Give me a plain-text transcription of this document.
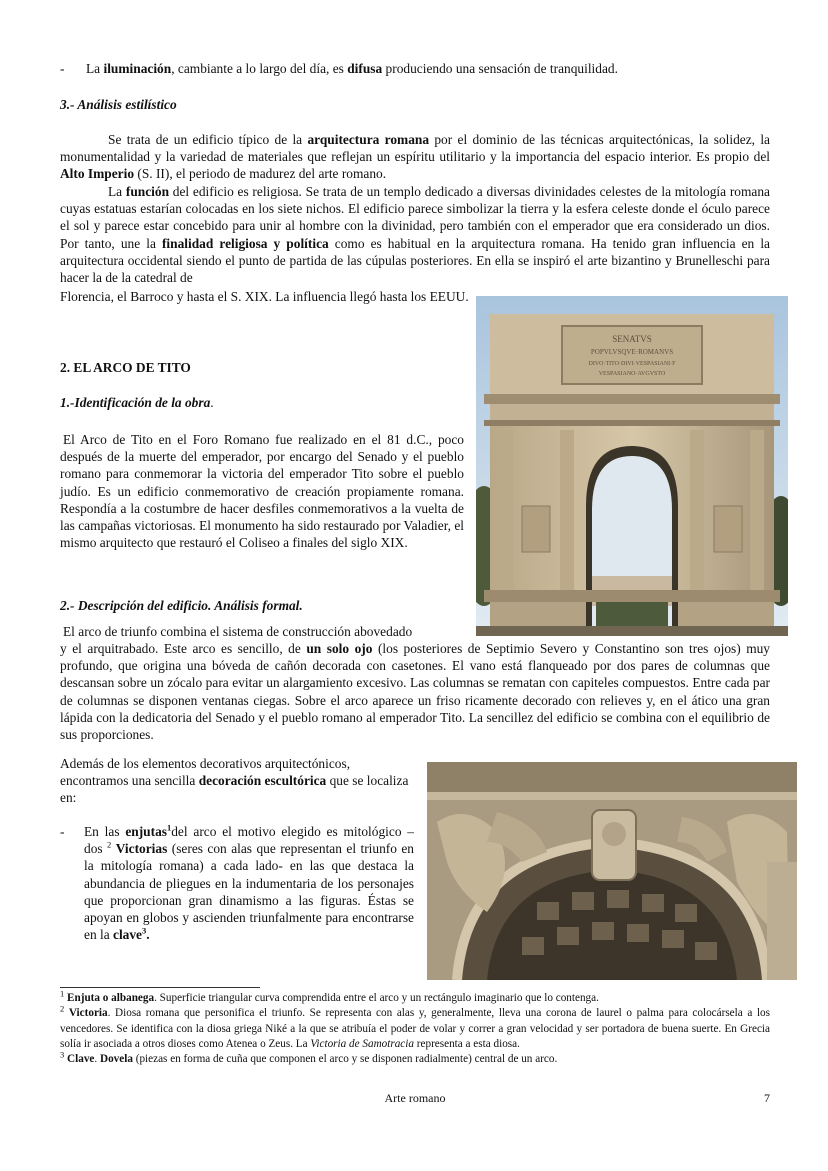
- La iluminación, cambiante a lo largo del día, es difusa produciendo una sensación de tranquilidad.
3.- Análisis estilístico

Se trata de un edificio típico de la arquitectura romana por el dominio de las técnicas arquitectónicas, la solidez, la monumentalidad y la variedad de materiales que reflejan un espíritu utilitario y la importancia del espacio interior. Es propio del Alto Imperio (S. II), el periodo de madurez del arte romano.

La función del edificio es religiosa. Se trata de un templo dedicado a diversas divinidades celestes de la mitología romana cuyas estatuas estarían colocadas en los siete nichos. El edificio parece simbolizar la tierra y la esfera celeste donde el óculo parece el sol y parece estar concebido para unir al hombre con la divinidad, pero también con el emperador que era considerado un dios. Por tanto, une la finalidad religiosa y política como es habitual en la arquitectura romana. Ha tenido gran influencia en la arquitectura occidental siendo el punto de partida de las cúpulas posteriores. En ella se inspiró el arte bizantino y Brunelleschi para hacer la de la catedral de

Florencia, el Barroco y hasta el S. XIX. La influencia llegó hasta los EEUU.

2. EL ARCO DE TITO
1.-Identificación de la obra.

El Arco de Tito en el Foro Romano fue realizado en el 81 d.C., poco después de la muerte del emperador, por encargo del Senado y el pueblo romano para conmemorar la victoria del emperador Tito sobre el pueblo judío. Es un edificio conmemorativo de creación propiamente romana. Respondía a la costumbre de hacer desfiles conmemorativos a la vuelta de las campañas victoriosas. El monumento ha sido restaurado por Valadier, el mismo arquitecto que restauró el Coliseo a finales del siglo XIX.

2.- Descripción del edificio. Análisis formal.

El arco de triunfo combina el sistema de construcción abovedado

y el arquitrabado. Este arco es sencillo, de un solo ojo (los posteriores de Septimio Severo y Constantino son tres ojos) muy profundo, que origina una bóveda de cañón decorada con casetones. El vano está flanqueado por dos pares de columnas que descansan sobre un zócalo para evitar un alargamiento excesivo. Las columnas se rematan con capiteles compuestos. Entre cada par de columnas se disponen ventanas ciegas. Sobre el arco aparece un friso ricamente decorado con relieves y, en el ático una gran lápida con la dedicatoria del Senado y el pueblo romano al emperador Tito. La sencillez del edificio se combina con el equilibrio de sus proporciones.

Además de los elementos decorativos arquitectónicos, encontramos una sencilla decoración escultórica que se localiza en:

- En las enjutas$^1$del arco el motivo elegido es mitológico – dos $^2$ Victorias (seres con alas que representan el triunfo en la mitología romana) a cada lado- en las que destaca la abundancia de pliegues en la indumentaria de los personajes que proporcionan gran dinamismo a las figuras. Éstas se apoyan en globos y ascienden triunfalmente para encontrarse en la clave$^3$.

$^1$ Enjuta o albanega. Superficie triangular curva comprendida entre el arco y un rectángulo imaginario que lo contenga.

$^2$ Victoria. Diosa romana que personifica el triunfo. Se representa con alas y, generalmente, lleva una corona de laurel o palma para colocársela a los vencedores. Se identifica con la diosa griega Niké a la que se atribuía el poder de volar y correr a gran velocidad y ser portadora de buena suerte. En Grecia solía ir asociada a otros dioses como Atenea o Zeus. La Victoria de Samotracia representa a esta diosa.

$^3$ Clave. Dovela (piezas en forma de cuña que componen el arco y se disponen radialmente) central de un arco.

Arte romano	7
SENATVS
POPVLVSQVE·ROMANVS
DIVO·TITO·DIVI·VESPASIANI·F
VESPASIANO·AVGVSTO
